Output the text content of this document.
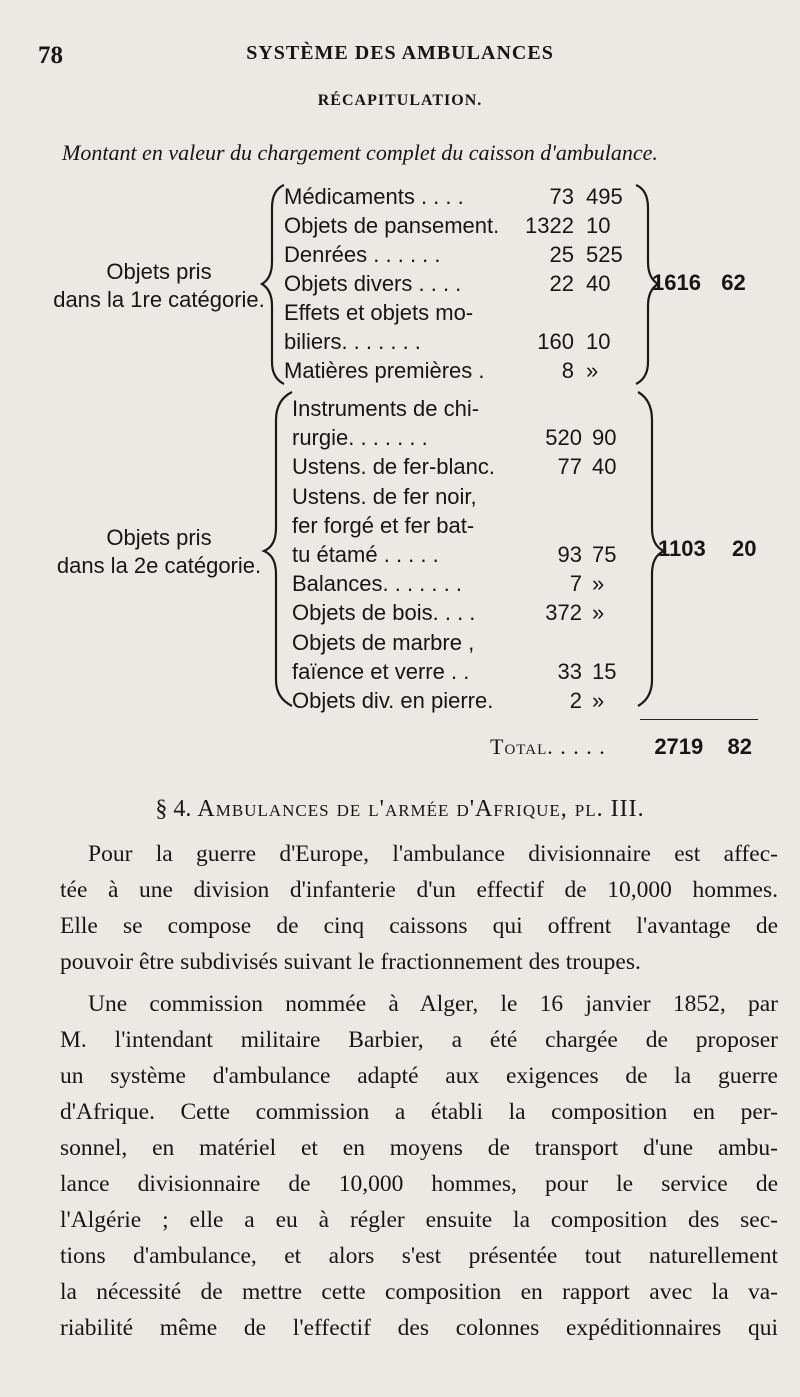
78	SYSTÈME DES AMBULANCES
RÉCAPITULATION.
Montant en valeur du chargement complet du caisson d'ambulance.
Objets pris
dans la 1re catégorie.
Médicaments . . . .	73 495
Objets de pansement. 1322 10
Denrées . . . . . .	25 525
Objets divers . . . .	22 40
Effets et objets mo-
biliers. . . . . . .	160 10
Matières premières .	8 »
1616 62
Objets pris
dans la 2e catégorie.
Instruments de chi-
rurgie. . . . . . .	520 90
Ustens. de fer-blanc.	77 40
Ustens. de fer noir,
fer forgé et fer bat-
tu étamé . . . . .	93 75
Balances. . . . . . .	7 »
Objets de bois. . . .	372 »
Objets de marbre ,
faïence et verre . .	33 15
Objets div. en pierre.	2 »
1103 20
Total. . . . . 2719 82
§ 4. Ambulances de l'armée d'Afrique, pl. III.
Pour la guerre d'Europe, l'ambulance divisionnaire est affec-
tée à une division d'infanterie d'un effectif de 10,000 hommes.
Elle se compose de cinq caissons qui offrent l'avantage de
pouvoir être subdivisés suivant le fractionnement des troupes.
Une commission nommée à Alger, le 16 janvier 1852, par
M. l'intendant militaire Barbier, a été chargée de proposer
un système d'ambulance adapté aux exigences de la guerre
d'Afrique. Cette commission a établi la composition en per-
sonnel, en matériel et en moyens de transport d'une ambu-
lance divisionnaire de 10,000 hommes, pour le service de
l'Algérie ; elle a eu à régler ensuite la composition des sec-
tions d'ambulance, et alors s'est présentée tout naturellement
la nécessité de mettre cette composition en rapport avec la va-
riabilité même de l'effectif des colonnes expéditionnaires qui
